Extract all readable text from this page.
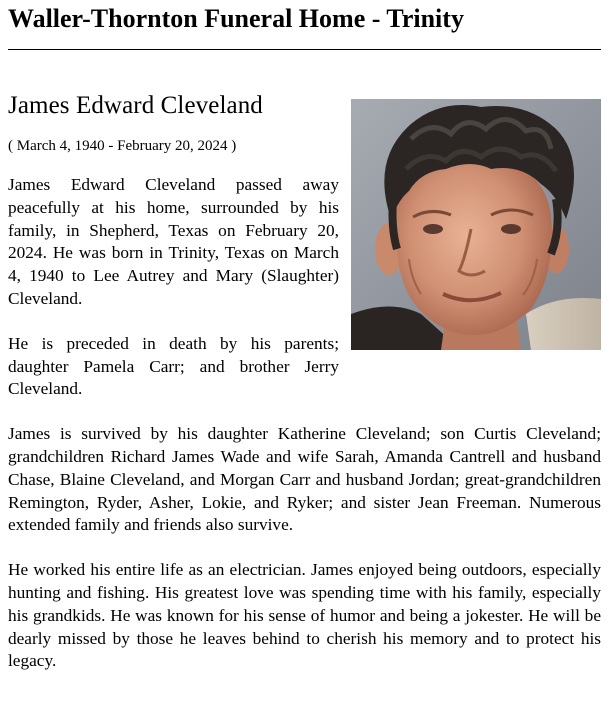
Waller-Thornton Funeral Home - Trinity
James Edward Cleveland

( March 4, 1940 - February 20, 2024 )

James Edward Cleveland passed away peacefully at his home, surrounded by his family, in Shepherd, Texas on February 20, 2024. He was born in Trinity, Texas on March 4, 1940 to Lee Autrey and Mary (Slaughter) Cleveland.

He is preceded in death by his parents; daughter Pamela Carr; and brother Jerry Cleveland.

James is survived by his daughter Katherine Cleveland; son Curtis Cleveland; grandchildren Richard James Wade and wife Sarah, Amanda Cantrell and husband Chase, Blaine Cleveland, and Morgan Carr and husband Jordan; great-grandchildren Remington, Ryder, Asher, Lokie, and Ryker; and sister Jean Freeman. Numerous extended family and friends also survive.

He worked his entire life as an electrician. James enjoyed being outdoors, especially hunting and fishing. His greatest love was spending time with his family, especially his grandkids. He was known for his sense of humor and being a jokester. He will be dearly missed by those he leaves behind to cherish his memory and to protect his legacy.
